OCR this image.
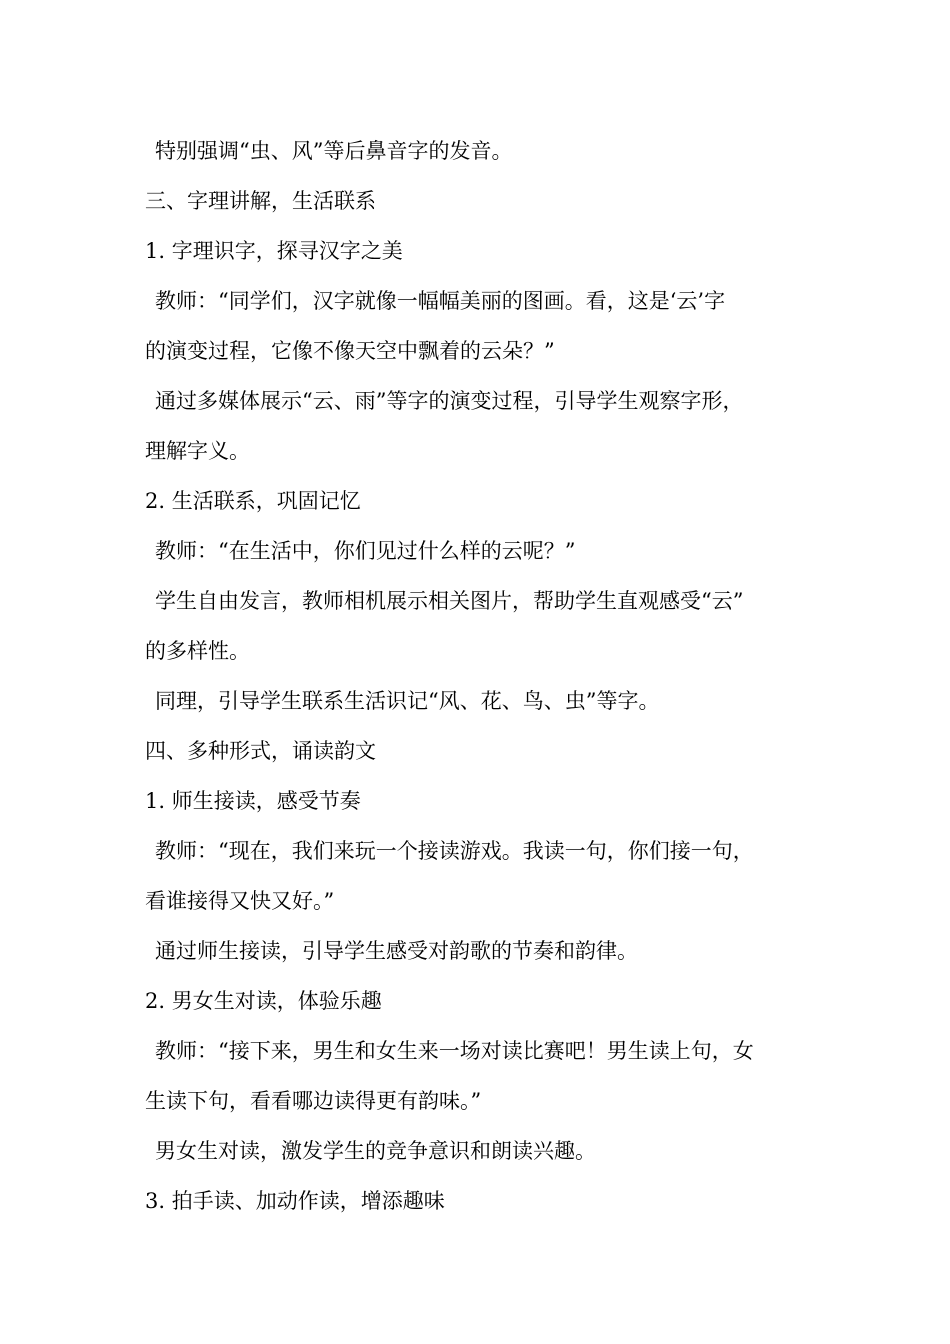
特别强调“虫、风”等后鼻音字的发音。

三、字理讲解，生活联系

1. 字理识字，探寻汉字之美

教师：“同学们，汉字就像一幅幅美丽的图画。看，这是‘云’字

的演变过程，它像不像天空中飘着的云朵？”

通过多媒体展示“云、雨”等字的演变过程，引导学生观察字形，

理解字义。

2. 生活联系，巩固记忆

教师：“在生活中，你们见过什么样的云呢？”

学生自由发言，教师相机展示相关图片，帮助学生直观感受“云”

的多样性。

同理，引导学生联系生活识记“风、花、鸟、虫”等字。

四、多种形式，诵读韵文

1. 师生接读，感受节奏

教师：“现在，我们来玩一个接读游戏。我读一句，你们接一句，

看谁接得又快又好。”

通过师生接读，引导学生感受对韵歌的节奏和韵律。

2. 男女生对读，体验乐趣

教师：“接下来，男生和女生来一场对读比赛吧！男生读上句，女

生读下句，看看哪边读得更有韵味。”

男女生对读，激发学生的竞争意识和朗读兴趣。

3. 拍手读、加动作读，增添趣味
